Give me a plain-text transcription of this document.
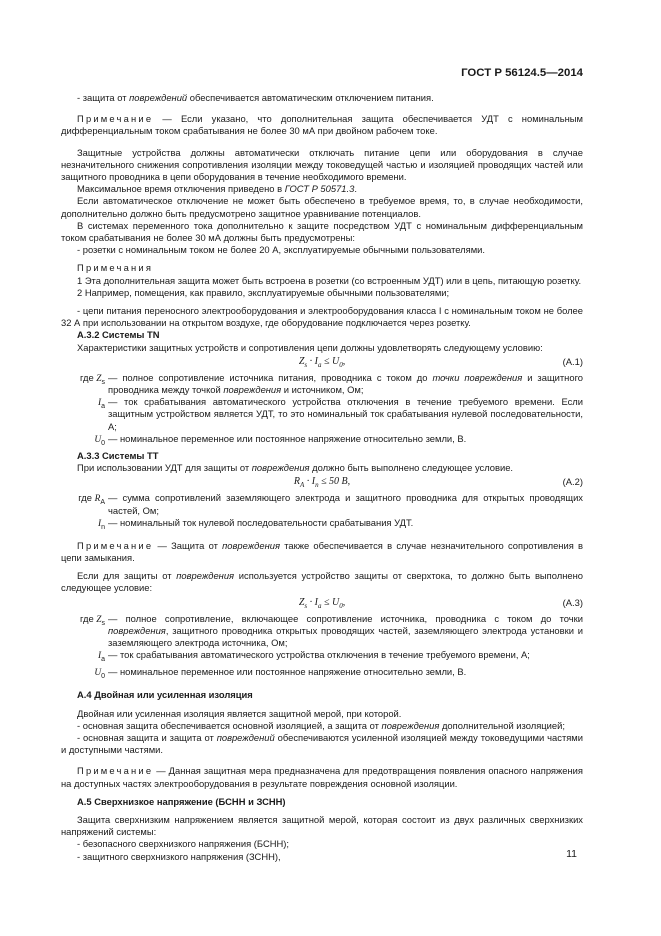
ГОСТ Р 56124.5—2014

- защита от повреждений обеспечивается автоматическим отключением питания.

Примечание — Если указано, что дополнительная защита обеспечивается УДТ с номинальным дифференциальным током срабатывания не более 30 мА при двойном рабочем токе.

Защитные устройства должны автоматически отключать питание цепи или оборудования в случае незначительного снижения сопротивления изоляции между токоведущей частью и изоляцией проводящих частей или защитного проводника в цепи оборудования в течение необходимого времени.

Максимальное время отключения приведено в ГОСТ Р 50571.3.

Если автоматическое отключение не может быть обеспечено в требуемое время, то, в случае необходимости, дополнительно должно быть предусмотрено защитное уравнивание потенциалов.

В системах переменного тока дополнительно к защите посредством УДТ с номинальным дифференциальным током срабатывания не более 30 мА должны быть предусмотрены:

- розетки с номинальным током не более 20 А, эксплуатируемые обычными пользователями.

Примечания

1 Эта дополнительная защита может быть встроена в розетки (со встроенным УДТ) или в цепь, питающую розетку.

2 Например, помещения, как правило, эксплуатируемые обычными пользователями;

- цепи питания переносного электрооборудования и электрооборудования класса I с номинальным током не более 32 А при использовании на открытом воздухе, где оборудование подключается через розетку.

А.3.2 Системы TN

Характеристики защитных устройств и сопротивления цепи должны удовлетворять следующему условию:

$Z_s \cdot I_a \le U_0$,	(А.1)
где $Z_s$ — полное сопротивление источника питания, проводника с током до точки повреждения и защитного проводника между точкой повреждения и источником, Ом;
$I_a$ — ток срабатывания автоматического устройства отключения в течение требуемого времени. Если защитным устройством является УДТ, то это номинальный ток срабатывания нулевой последовательности, А;
$U_0$ — номинальное переменное или постоянное напряжение относительно земли, В.

А.3.3 Системы TT

При использовании УДТ для защиты от повреждения должно быть выполнено следующее условие.

$R_A \cdot I_n \le 50$ В,	(А.2)
где $R_A$ — сумма сопротивлений заземляющего электрода и защитного проводника для открытых проводящих частей, Ом;
$I_n$ — номинальный ток нулевой последовательности срабатывания УДТ.

Примечание — Защита от повреждения также обеспечивается в случае незначительного сопротивления в цепи замыкания.

Если для защиты от повреждения используется устройство защиты от сверхтока, то должно быть выполнено следующее условие:

$Z_s \cdot I_a \le U_0$,	(А.3)
где $Z_s$ — полное сопротивление, включающее сопротивление источника, проводника с током до точки повреждения, защитного проводника открытых проводящих частей, заземляющего электрода установки и заземляющего электрода источника, Ом;
$I_a$ — ток срабатывания автоматического устройства отключения в течение требуемого времени, А;
$U_0$ — номинальное переменное или постоянное напряжение относительно земли, В.

А.4 Двойная или усиленная изоляция

Двойная или усиленная изоляция является защитной мерой, при которой.

- основная защита обеспечивается основной изоляцией, а защита от повреждения дополнительной изоляцией;

- основная защита и защита от повреждений обеспечиваются усиленной изоляцией между токоведущими частями и доступными частями.

Примечание — Данная защитная мера предназначена для предотвращения появления опасного напряжения на доступных частях электрооборудования в результате повреждения основной изоляции.

А.5 Сверхнизкое напряжение (БСНН и ЗСНН)

Защита сверхнизким напряжением является защитной мерой, которая состоит из двух различных сверхнизких напряжений системы:

- безопасного сверхнизкого напряжения (БСНН);

- защитного сверхнизкого напряжения (ЗСНН),	11
